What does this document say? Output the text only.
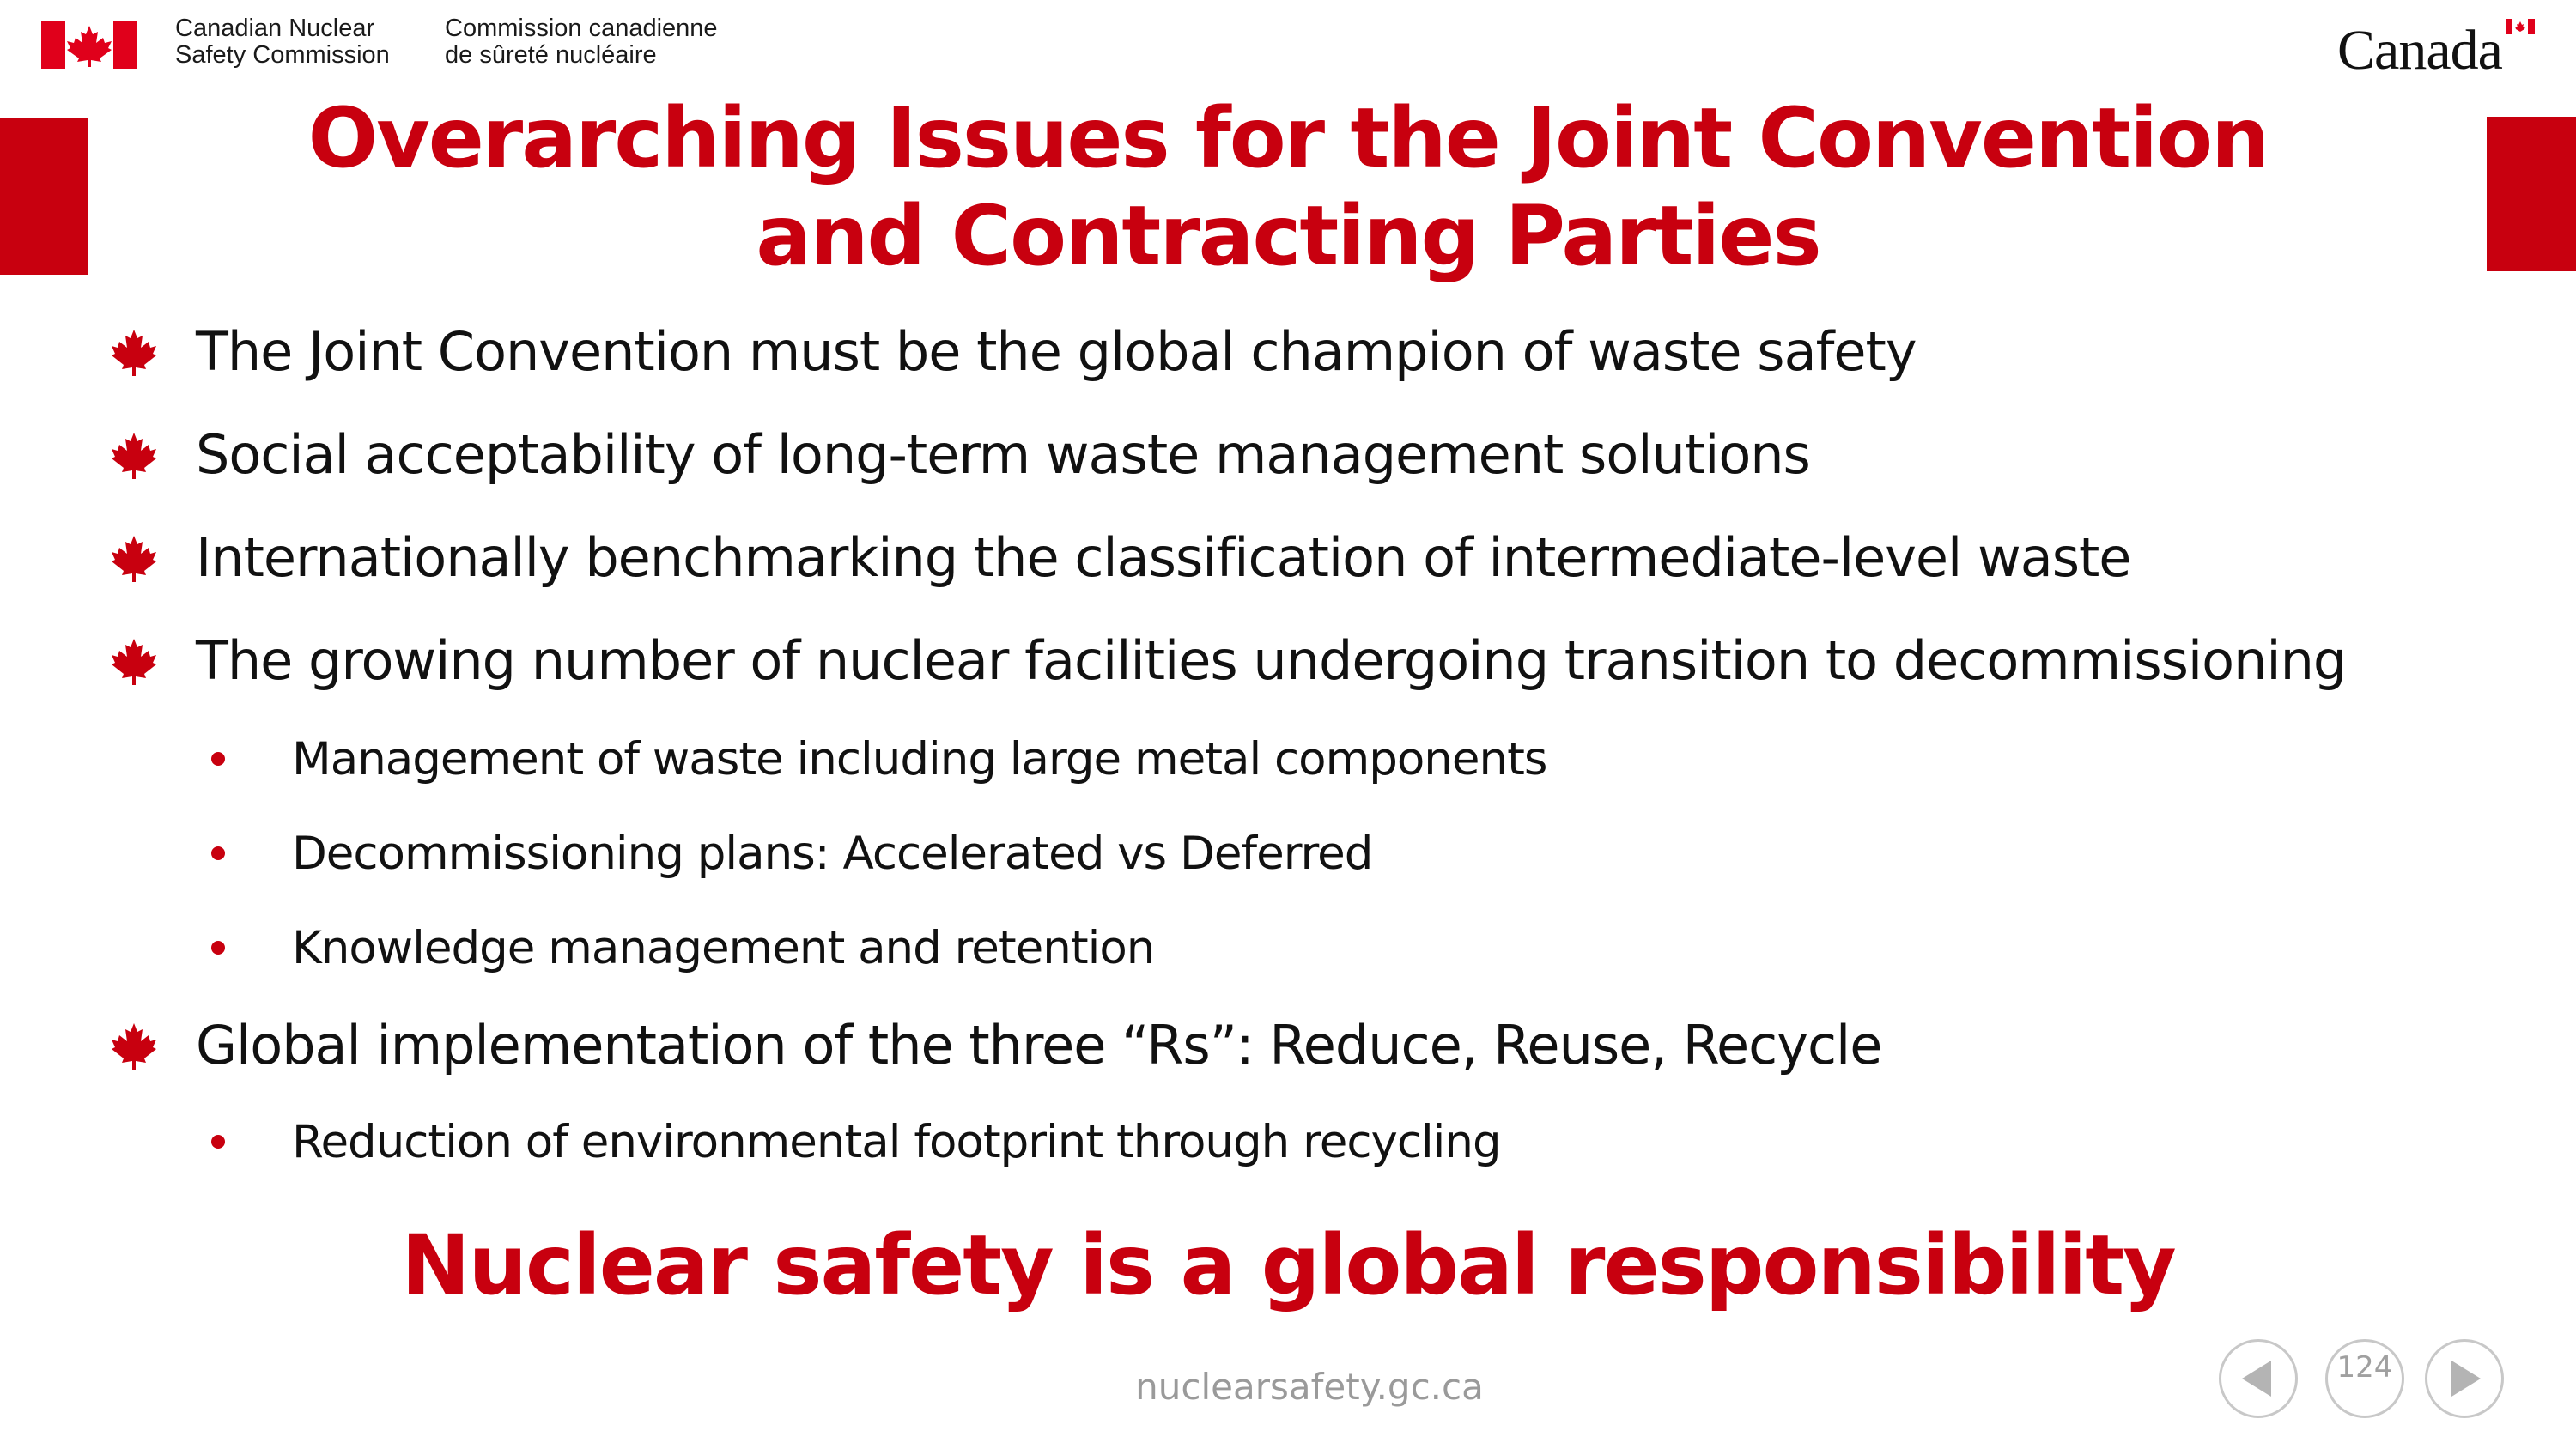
Canadian Nuclear
Safety Commission
Commission canadienne
de sûreté nucléaire	Canada
Overarching Issues for the Joint Convention
and Contracting Parties
The Joint Convention must be the global champion of waste safety
Social acceptability of long-term waste management solutions
Internationally benchmarking the classification of intermediate-level waste
The growing number of nuclear facilities undergoing transition to decommissioning
Management of waste including large metal components
Decommissioning plans: Accelerated vs Deferred
Knowledge management and retention
Global implementation of the three “Rs”: Reduce, Reuse, Recycle
Reduction of environmental footprint through recycling
Nuclear safety is a global responsibility
nuclearsafety.gc.ca	124
